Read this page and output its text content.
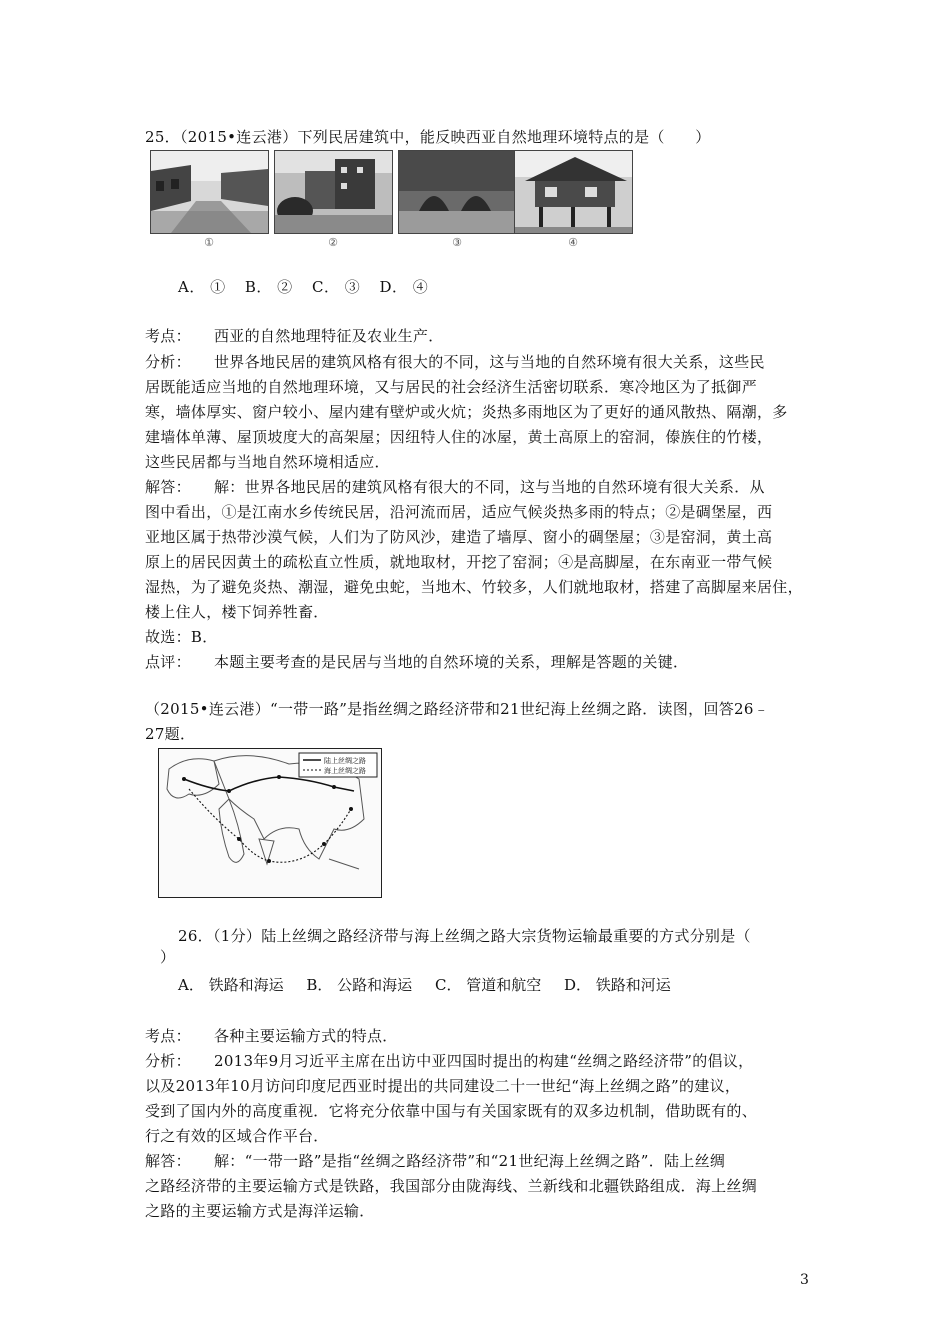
25．（2015•连云港）下列民居建筑中，能反映西亚自然地理环境特点的是（　　）
①	②	③	④
A． ① B． ② C． ③ D． ④
考点：　　西亚的自然地理特征及农业生产．
分析：　　世界各地民居的建筑风格有很大的不同，这与当地的自然环境有很大关系，这些民
居既能适应当地的自然地理环境，又与居民的社会经济生活密切联系．寒冷地区为了抵御严
寒，墙体厚实、窗户较小、屋内建有壁炉或火炕；炎热多雨地区为了更好的通风散热、隔潮，多
建墙体单薄、屋顶坡度大的高架屋；因纽特人住的冰屋，黄土高原上的窑洞，傣族住的竹楼，
这些民居都与当地自然环境相适应．
解答：　　解：世界各地民居的建筑风格有很大的不同，这与当地的自然环境有很大关系．从
图中看出，①是江南水乡传统民居，沿河流而居，适应气候炎热多雨的特点；②是碉堡屋，西
亚地区属于热带沙漠气候，人们为了防风沙，建造了墙厚、窗小的碉堡屋；③是窑洞，黄土高
原上的居民因黄土的疏松直立性质，就地取材，开挖了窑洞；④是高脚屋，在东南亚一带气候
湿热，为了避免炎热、潮湿，避免虫蛇，当地木、竹较多，人们就地取材，搭建了高脚屋来居住，
楼上住人，楼下饲养牲畜．
故选：B．
点评：　　本题主要考查的是民居与当地的自然环境的关系，理解是答题的关键．
（2015•连云港）“一带一路”是指丝绸之路经济带和21世纪海上丝绸之路．读图，回答26﹣
27题．
陆上丝绸之路
海上丝绸之路
26．（1分）陆上丝绸之路经济带与海上丝绸之路大宗货物运输最重要的方式分别是（
）
A． 铁路和海运 B． 公路和海运 C． 管道和航空 D． 铁路和河运
考点：　　各种主要运输方式的特点．
分析：　　2013年9月习近平主席在出访中亚四国时提出的构建“丝绸之路经济带”的倡议，
以及2013年10月访问印度尼西亚时提出的共同建设二十一世纪“海上丝绸之路”的建议，
受到了国内外的高度重视．它将充分依靠中国与有关国家既有的双多边机制，借助既有的、
行之有效的区域合作平台．
解答：　　解：“一带一路”是指“丝绸之路经济带”和“21世纪海上丝绸之路”．陆上丝绸
之路经济带的主要运输方式是铁路，我国部分由陇海线、兰新线和北疆铁路组成．海上丝绸
之路的主要运输方式是海洋运输．
3
